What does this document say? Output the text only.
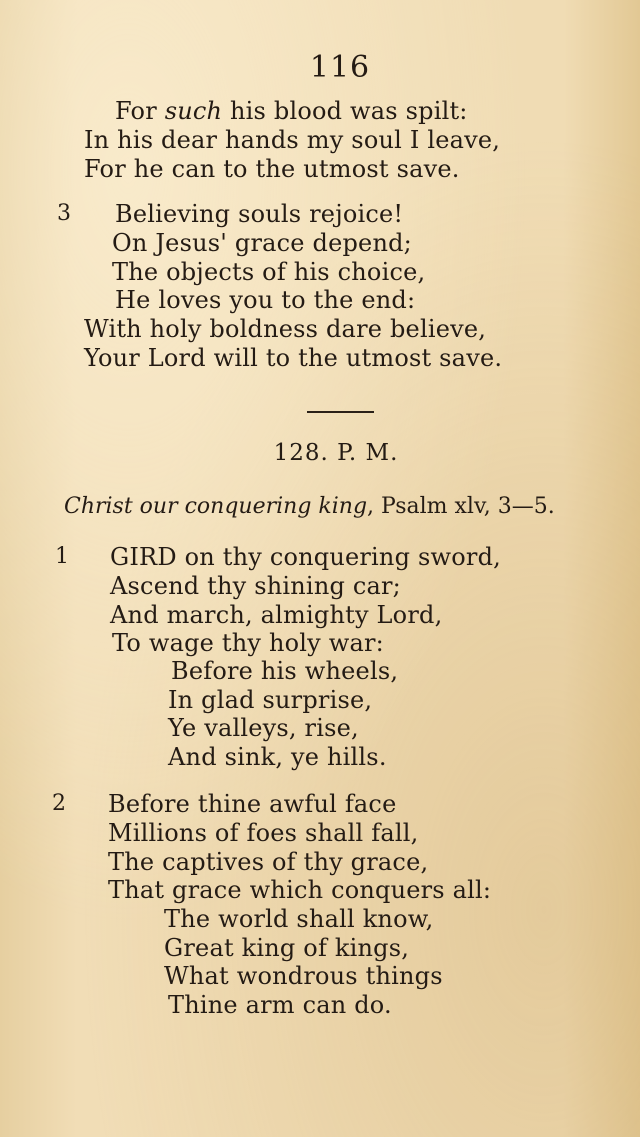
116
For such his blood was spilt:
In his dear hands my soul I leave,
For he can to the utmost save.
3 Believing souls rejoice!
On Jesus' grace depend;
The objects of his choice,
He loves you to the end:
With holy boldness dare believe,
Your Lord will to the utmost save.
128. P. M.
Christ our conquering king, Psalm xlv, 3—5.
1 GIRD on thy conquering sword,
Ascend thy shining car;
And march, almighty Lord,
To wage thy holy war:
Before his wheels,
In glad surprise,
Ye valleys, rise,
And sink, ye hills.
2 Before thine awful face
Millions of foes shall fall,
The captives of thy grace,
That grace which conquers all:
The world shall know,
Great king of kings,
What wondrous things
Thine arm can do.
